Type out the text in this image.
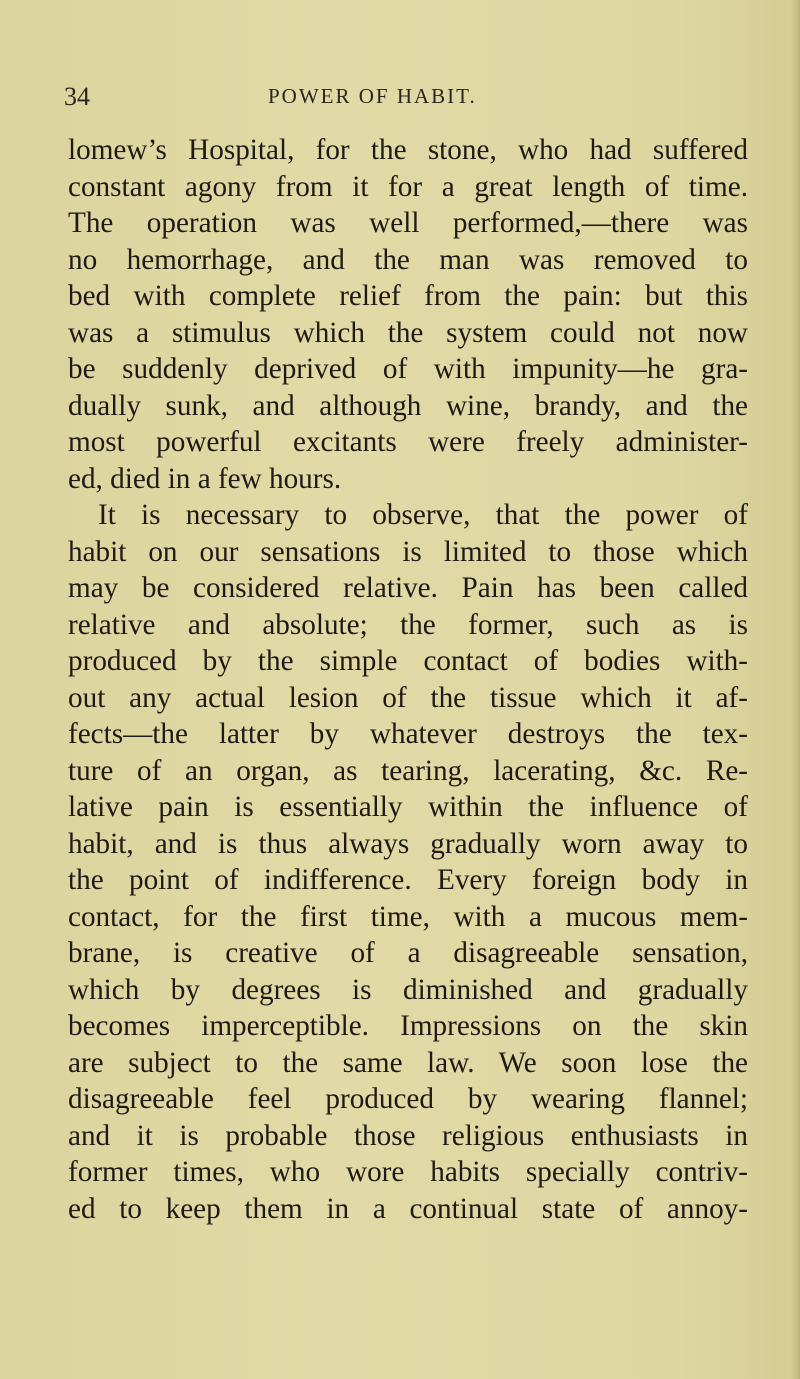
34	POWER OF HABIT.
lomew’s Hospital, for the stone, who had suffered
constant agony from it for a great length of time.
The operation was well performed,—there was
no hemorrhage, and the man was removed to
bed with complete relief from the pain: but this
was a stimulus which the system could not now
be suddenly deprived of with impunity—he gra-
dually sunk, and although wine, brandy, and the
most powerful excitants were freely administer-
ed, died in a few hours.
It is necessary to observe, that the power of
habit on our sensations is limited to those which
may be considered relative. Pain has been called
relative and absolute; the former, such as is
produced by the simple contact of bodies with-
out any actual lesion of the tissue which it af-
fects—the latter by whatever destroys the tex-
ture of an organ, as tearing, lacerating, &c. Re-
lative pain is essentially within the influence of
habit, and is thus always gradually worn away to
the point of indifference. Every foreign body in
contact, for the first time, with a mucous mem-
brane, is creative of a disagreeable sensation,
which by degrees is diminished and gradually
becomes imperceptible. Impressions on the skin
are subject to the same law. We soon lose the
disagreeable feel produced by wearing flannel;
and it is probable those religious enthusiasts in
former times, who wore habits specially contriv-
ed to keep them in a continual state of annoy-
